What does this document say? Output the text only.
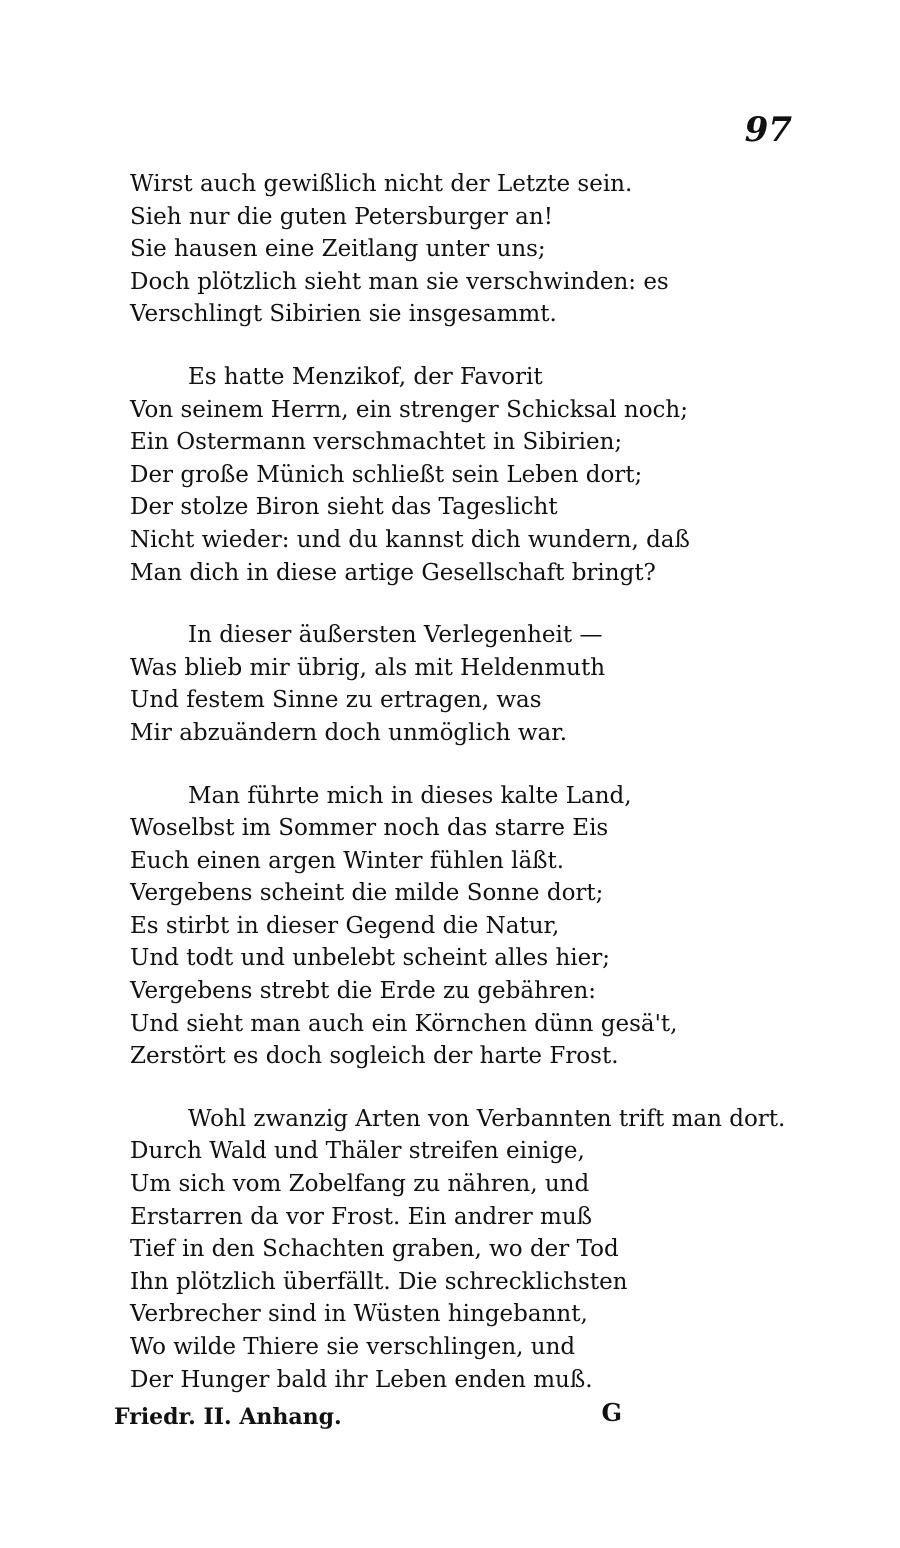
97
Wirst auch gewißlich nicht der Letzte sein.
Sieh nur die guten Petersburger an!
Sie hausen eine Zeitlang unter uns;
Doch plötzlich sieht man sie verschwinden: es
Verschlingt Sibirien sie insgesammt.
Es hatte Menzikof, der Favorit
Von seinem Herrn, ein strenger Schicksal noch;
Ein Ostermann verschmachtet in Sibirien;
Der große Münich schließt sein Leben dort;
Der stolze Biron sieht das Tageslicht
Nicht wieder: und du kannst dich wundern, daß
Man dich in diese artige Gesellschaft bringt?
In dieser äußersten Verlegenheit —
Was blieb mir übrig, als mit Heldenmuth
Und festem Sinne zu ertragen, was
Mir abzuändern doch unmöglich war.
Man führte mich in dieses kalte Land,
Woselbst im Sommer noch das starre Eis
Euch einen argen Winter fühlen läßt.
Vergebens scheint die milde Sonne dort;
Es stirbt in dieser Gegend die Natur,
Und todt und unbelebt scheint alles hier;
Vergebens strebt die Erde zu gebähren:
Und sieht man auch ein Körnchen dünn gesä't,
Zerstört es doch sogleich der harte Frost.
Wohl zwanzig Arten von Verbannten trift man dort.
Durch Wald und Thäler streifen einige,
Um sich vom Zobelfang zu nähren, und
Erstarren da vor Frost. Ein andrer muß
Tief in den Schachten graben, wo der Tod
Ihn plötzlich überfällt. Die schrecklichsten
Verbrecher sind in Wüsten hingebannt,
Wo wilde Thiere sie verschlingen, und
Der Hunger bald ihr Leben enden muß.
Friedr. II. Anhang.	G
